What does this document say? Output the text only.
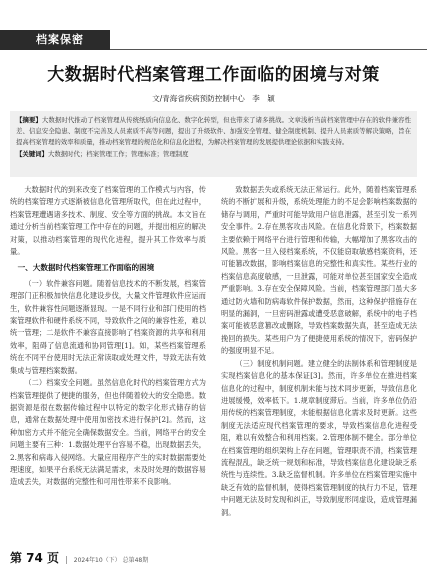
档案保密
大数据时代档案管理工作面临的困境与对策
文/青海省疾病预防控制中心　李　颖

【摘要】大数据时代推动了档案管理从传统纸质向信息化、数字化转型，但也带来了诸多挑战。文章浅析当前档案管理中存在的软件兼容性差、信息安全隐患、制度不完善及人员素质不高等问题，提出了升级软件、加强安全管理、健全制度机制、提升人员素质等解决策略，旨在提高档案管理的效率和质量，推动档案管理的规范化和信息化进程，为解决档案管理的发展提供理论依据和实践支持。

【关键词】大数据时代；档案管理工作；管理标准；管理制度

大数据时代的到来改变了档案管理的工作模式与内容，传统的档案管理方式逐渐被信息化管理所取代，但在此过程中，档案管理遭遇诸多技术、制度、安全等方面的挑战。本文旨在通过分析当前档案管理工作中存在的问题，并提出相应的解决对策，以推动档案管理的现代化进程，提升其工作效率与质量。

一、大数据时代档案管理工作面临的困境

（一）软件兼容问题。随着信息技术的不断发展，档案管理部门正积极加快信息化建设步伐，大量文件管理软件应运而生，软件兼容性问题逐渐显现。一是不同行业和部门使用的档案管理软件和硬件系统不同，导致软件之间的兼容性差，难以统一管理；二是软件不兼容直接影响了档案资源的共享和利用效率，阻碍了信息流通和协同管理[1]。如，某些档案管理系统在不同平台使用时无法正常读取或处理文件，导致无法有效集成与管理档案数据。

（二）档案安全问题。虽然信息化时代的档案管理方式为档案管理提供了便捷的服务，但也伴随着较大的安全隐患。数据资源是很在数据传输过程中以特定的数字化形式储存的信息，通常在数据处理中使用加密技术进行保护[2]。然而，这种加密方式并不能完全确保数据安全。当前，网络平台的安全问题主要有三种：1.数据处理平台容易不稳，出现数据丢失，2.黑客和病毒入侵网络。大量应用程序产生的实时数据需要处理速度，如果平台系统无法满足需求，未及时处理的数据容易造成丢失，对数据的完整性和可用性带来不良影响。

致数据丢失或系统无法正常运行。此外，随着档案管理系统的不断扩展和升级，系统处理能力的不足会影响档案数据的储存与调用，严重时可能导致用户信息泄露，甚至引发一系列安全事件。2.存在黑客攻击风险。在信息化背景下，档案数据主要依赖于网络平台进行管理和传输，大幅增加了黑客攻击的风险。黑客一旦入侵档案系统，不仅能窃取敏感档案资料，还可能篡改数据，影响档案信息的完整性和真实性。某些行业的档案信息高度敏感，一旦泄露，可能对单位甚至国家安全造成严重影响。3.存在安全保障风险。当前，档案管理部门虽大多通过防火墙和防病毒软件保护数据，然而，这种保护措施存在明显的漏洞，一旦密码泄露或遭受恶意破解，系统中的电子档案可能被恶意篡改或删除，导致档案数据失真，甚至造成无法挽回的损失。某些用户为了便捷使用系统的情况下，密码保护的强度明显不足。

（三）制度机制问题。建立健全的法制体系和管理制度是实现档案信息化的基本保证[3]。然而，许多单位在推进档案信息化的过程中，制度机制未能与技术同步更新，导致信息化进展缓慢，效率低下。1.规章制度滞后。当前，许多单位仍沿用传统的档案管理制度，未能根据信息化需求及时更新。这些制度无法适应现代档案管理的要求，导致档案信息化进程受阻，难以有效整合和利用档案。2.管理体制不健全。部分单位在档案管理的组织架构上存在问题，管理职责不清，档案管理流程混乱，缺乏统一规划和标准，导致档案信息化建设缺乏系统性与连续性。3.缺乏监督机制。许多单位在档案管理实施中缺乏有效的监督机制，使得档案管理制度的执行力不足，管理中问题无法及时发现和纠正，导致制度形同虚设，造成管理漏洞。

第 74 页 | 2024年10（下） 总第48期
